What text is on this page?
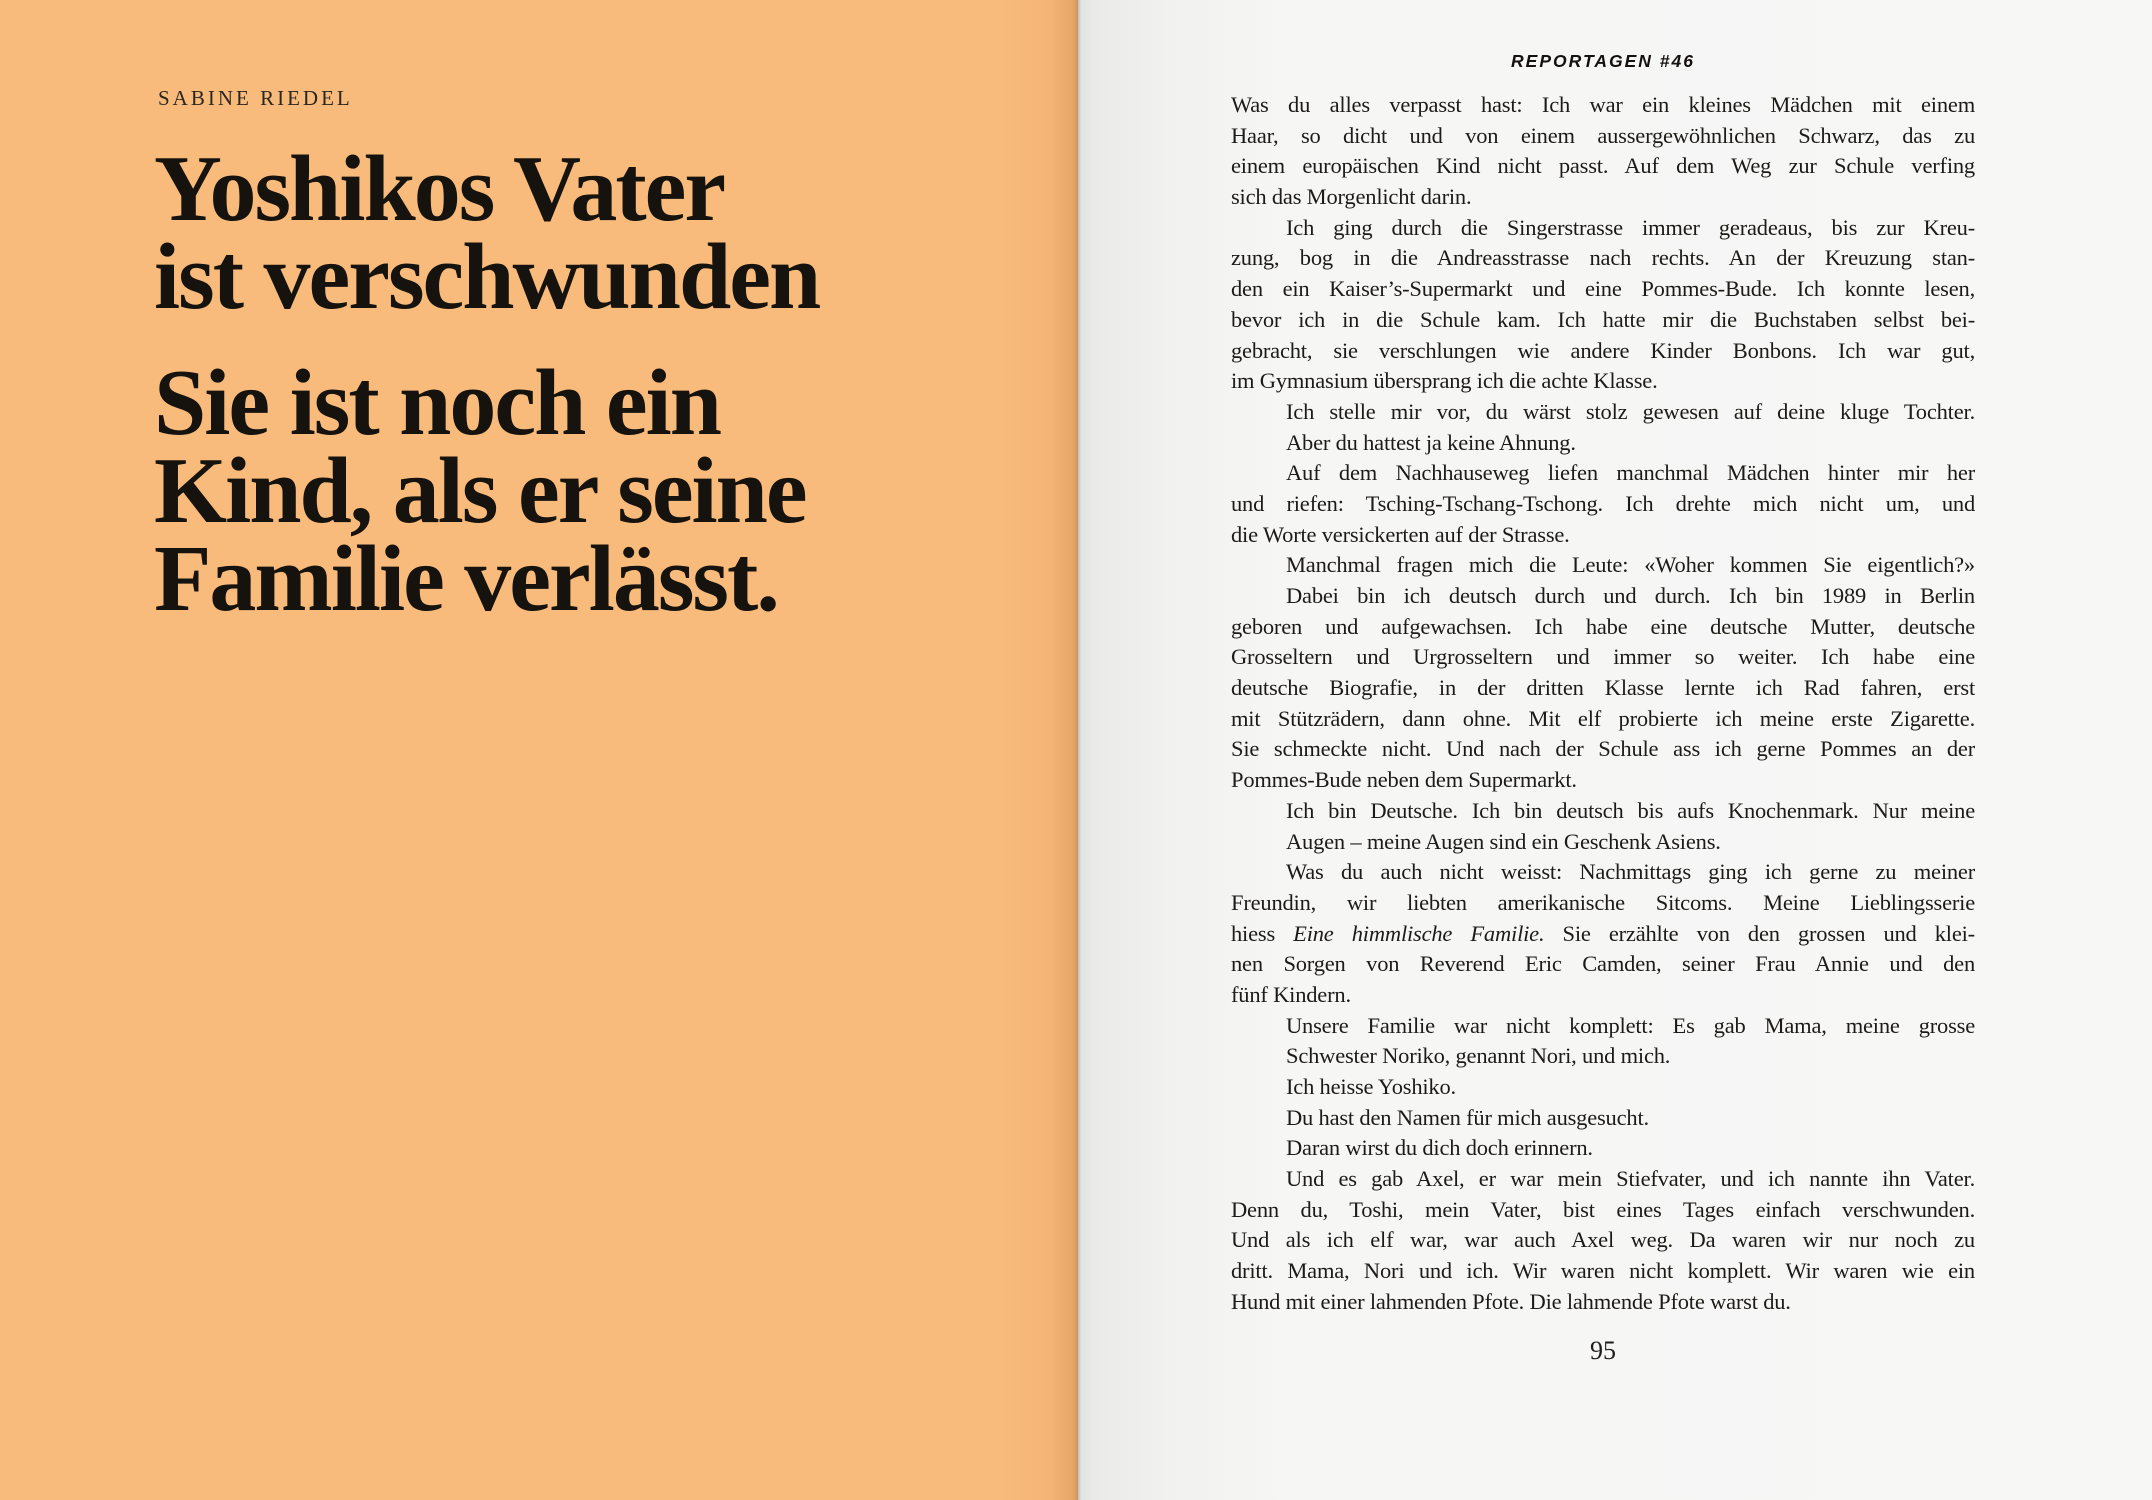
SABINE RIEDEL
Yoshikos Vater
ist verschwunden
Sie ist noch ein
Kind, als er seine
Familie verlässt.
REPORTAGEN #46
Was du alles verpasst hast: Ich war ein kleines Mädchen mit einem
Haar, so dicht und von einem aussergewöhnlichen Schwarz, das zu
einem europäischen Kind nicht passt. Auf dem Weg zur Schule verfing
sich das Morgenlicht darin.
Ich ging durch die Singerstrasse immer geradeaus, bis zur Kreu-
zung, bog in die Andreasstrasse nach rechts. An der Kreuzung stan-
den ein Kaiser’s-Supermarkt und eine Pommes-Bude. Ich konnte lesen,
bevor ich in die Schule kam. Ich hatte mir die Buchstaben selbst bei-
gebracht, sie verschlungen wie andere Kinder Bonbons. Ich war gut,
im Gymnasium übersprang ich die achte Klasse.
Ich stelle mir vor, du wärst stolz gewesen auf deine kluge Tochter.
Aber du hattest ja keine Ahnung.
Auf dem Nachhauseweg liefen manchmal Mädchen hinter mir her
und riefen: Tsching-Tschang-Tschong. Ich drehte mich nicht um, und
die Worte versickerten auf der Strasse.
Manchmal fragen mich die Leute: «Woher kommen Sie eigentlich?»
Dabei bin ich deutsch durch und durch. Ich bin 1989 in Berlin
geboren und aufgewachsen. Ich habe eine deutsche Mutter, deutsche
Grosseltern und Urgrosseltern und immer so weiter. Ich habe eine
deutsche Biografie, in der dritten Klasse lernte ich Rad fahren, erst
mit Stützrädern, dann ohne. Mit elf probierte ich meine erste Zigarette.
Sie schmeckte nicht. Und nach der Schule ass ich gerne Pommes an der
Pommes-Bude neben dem Supermarkt.
Ich bin Deutsche. Ich bin deutsch bis aufs Knochenmark. Nur meine
Augen – meine Augen sind ein Geschenk Asiens.
Was du auch nicht weisst: Nachmittags ging ich gerne zu meiner
Freundin, wir liebten amerikanische Sitcoms. Meine Lieblingsserie
hiess Eine himmlische Familie. Sie erzählte von den grossen und klei-
nen Sorgen von Reverend Eric Camden, seiner Frau Annie und den
fünf Kindern.
Unsere Familie war nicht komplett: Es gab Mama, meine grosse
Schwester Noriko, genannt Nori, und mich.
Ich heisse Yoshiko.
Du hast den Namen für mich ausgesucht.
Daran wirst du dich doch erinnern.
Und es gab Axel, er war mein Stiefvater, und ich nannte ihn Vater.
Denn du, Toshi, mein Vater, bist eines Tages einfach verschwunden.
Und als ich elf war, war auch Axel weg. Da waren wir nur noch zu
dritt. Mama, Nori und ich. Wir waren nicht komplett. Wir waren wie ein
Hund mit einer lahmenden Pfote. Die lahmende Pfote warst du.
95
